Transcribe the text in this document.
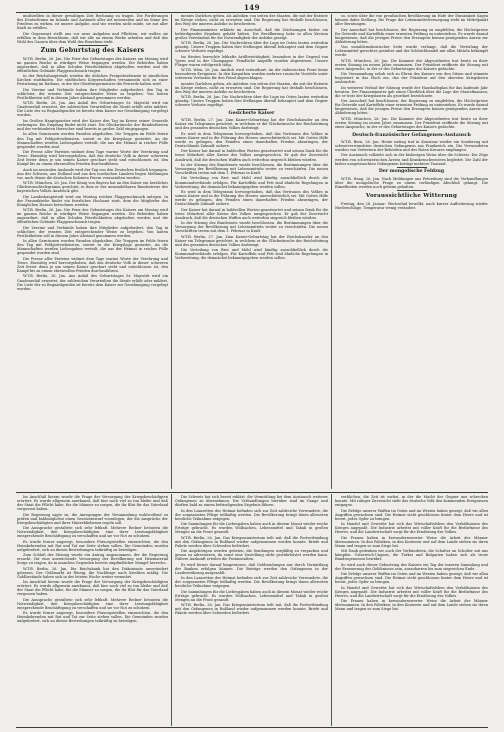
149

mußstellten in dieser gewaltigen Zeit Rechnung zu tragen. Die Forderungen des Deutschtums im Inlande und Auslande aller Art mitzuteilen und im Sinne des Friedens zu wirken, ist unsere Aufgabe, und wir werden nicht müde, sie mit aller Kraft zu erfüllen.

Die Gegenwart stellt uns vor neue Aufgaben und Pflichten; wir wollen sie erfüllen in dem Bewußtsein, daß wir alle an einem Werke arbeiten und daß das Wohl des Ganzen über dem Wohl des Einzelnen steht.

Zum Geburtstag des Kaisers

W.T.B. Berlin, 26. Jan. Die Feier des Geburtstages des Kaisers am Montag wird im ganzen Reiche in würdiger Weise begangen werden. Die Behörden haben angeordnet, daß in allen Schulen Feierlichkeiten abgehalten werden und die öffentlichen Gebäude Flaggenschmuck tragen.

In der Reichshauptstadt werden die üblichen Festgottesdienste in sämtlichen Kirchen stattfinden. Die städtischen Körperschaften versammeln sich zu einer Festsitzung im Rathaus, in der der Oberbürgermeister die Festrede halten wird.

Die Vereine und Verbände haben ihre Mitglieder aufgefordert, den Tag in schlichter, der ernsten Zeit entsprechender Weise zu begehen. Von lauten Festlichkeiten soll in diesem Jahre Abstand genommen werden.

W.T.B. Berlin, 26. Jan. Aus Anlaß des Geburtstages Sr. Majestät wird ein Gnadenerlaß erwartet, der zahlreichen Verurteilten die Strafe erläßt oder mildert. Die Liste der zu Begnadigenden ist bereits dem Kaiser zur Genehmigung vorgelegt worden.

Im Großen Hauptquartier wird der Kaiser den Tag im Kreise seiner Generale verbringen. Ein Empfang findet nicht statt. Die Glückwünsche der Bundesfürsten und der verbündeten Herrscher sind bereits in großer Zahl eingegangen.

In allen Garnisonen werden Paraden abgehalten. Die Truppen im Felde feiern den Tag mit Feldgottesdiensten, soweit es die Kriegslage gestattet. An die Mannschaften werden Liebesgaben verteilt, die aus der Heimat in reicher Fülle gespendet worden sind.

Die Presse aller Parteien widmet dem Tage warme Worte der Verehrung und Treue. Einmütig wird hervorgehoben, daß das deutsche Volk in dieser schweren Zeit fester denn je um seinen Kaiser geschart steht und entschlossen ist, den Kampf bis zu einem ehrenvollen Frieden durchzuführen.

Auch im neutralen Auslande wird der Tag von den Deutschen festlich begangen. Aus der Schweiz, aus Holland und aus den nordischen Ländern liegen Meldungen vor, nach denen die deutschen Kolonien Feiern veranstalten werden.

W.T.B. München, 26. Jan. Der König von Bayern hat an den Kaiser ein herzliches Glückwunschtelegramm gerichtet, in dem er der unwandelbaren Bundestreue des bayerischen Volkes Ausdruck gibt.

Die Landeshauptstadt wird am Montag reichen Flaggenschmuck anlegen. In der Frauenkirche findet ein feierliches Hochamt statt, dem die Mitglieder des Königlichen Hauses beiwohnen werden.

W.T.B. Berlin, 26. Jan. Die Feier des Geburtstages des Kaisers am Montag wird im ganzen Reiche in würdiger Weise begangen werden. Die Behörden haben angeordnet, daß in allen Schulen Feierlichkeiten abgehalten werden und die öffentlichen Gebäude Flaggenschmuck tragen.

Die Vereine und Verbände haben ihre Mitglieder aufgefordert, den Tag in schlichter, der ernsten Zeit entsprechender Weise zu begehen. Von lauten Festlichkeiten soll in diesem Jahre Abstand genommen werden.

In allen Garnisonen werden Paraden abgehalten. Die Truppen im Felde feiern den Tag mit Feldgottesdiensten, soweit es die Kriegslage gestattet. An die Mannschaften werden Liebesgaben verteilt, die aus der Heimat in reicher Fülle gespendet worden sind.

Die Presse aller Parteien widmet dem Tage warme Worte der Verehrung und Treue. Einmütig wird hervorgehoben, daß das deutsche Volk in dieser schweren Zeit fester denn je um seinen Kaiser geschart steht und entschlossen ist, den Kampf bis zu einem ehrenvollen Frieden durchzuführen.

W.T.B. Berlin, 26. Jan. Aus Anlaß des Geburtstages Sr. Majestät wird ein Gnadenerlaß erwartet, der zahlreichen Verurteilten die Strafe erläßt oder mildert. Die Liste der zu Begnadigenden ist bereits dem Kaiser zur Genehmigung vorgelegt worden.

mentes Darlehen geben, als Anleihen von seiten der Staaten, die mit der Entente im Kriege stehen, nicht zu erwarten sind. Die Regierung hat deshalb beschlossen, den Weg der inneren Anleihe zu beschreiten.

Der Finanzminister erklärte im Ausschuß, daß die Zeichnungen bisher ein befriedigendes Ergebnis gehabt hätten. Die Bevölkerung habe in allen Kreisen großes Verständnis für die Notwendigkeit der Anleihe gezeigt.

W.T.B. Berlin, 26. Jan. Die Nachrichten über die Lage im Osten lauten weiterhin günstig. Unsere Truppen haben ihre Stellungen überall behauptet und dem Gegner schwere Verluste zugefügt.

Im Westen herrschte lebhafte Artillerietätigkeit, besonders in der Gegend von Ypern und in der Champagne. Feindliche Angriffe wurden abgewiesen. Unsere Flieger waren erfolgreich tätig.

W.T.B. Wien, 26. Jan. Amtlich wird verlautbart: An der italienischen Front keine besonderen Ereignisse. In den Karpathen wurden mehrere russische Vorstöße unter schweren Verlusten für den Feind abgeschlagen.

mentes Darlehen geben, als Anleihen von seiten der Staaten, die mit der Entente im Kriege stehen, nicht zu erwarten sind. Die Regierung hat deshalb beschlossen, den Weg der inneren Anleihe zu beschreiten.

W.T.B. Berlin, 26. Jan. Die Nachrichten über die Lage im Osten lauten weiterhin günstig. Unsere Truppen haben ihre Stellungen überall behauptet und dem Gegner schwere Verluste zugefügt.

Gesicherte Kaiser

W.T.B. Berlin, 27. Jan. Zum Kaiser-Geburtstag hat der Reichskanzler an den Kaiser ein Telegramm gerichtet, in welchem er die Glückwünsche der Reichsleitung und des gesamten deutschen Volkes darbringt.

Es wird in dem Telegramm hervorgehoben, daß das Vertrauen des Volkes in seinen Kaiser und in die Führung des Heeres unerschütterlich sei. Mit Gottes Hilfe werde es gelingen, den Feinden einen dauerhaften Frieden abzuringen, der Deutschlands Zukunft sichere.

Der Kaiser hat darauf in huldvollen Worten geantwortet und seinen Dank für die treue Mitarbeit aller Kreise des Volkes ausgesprochen. Er gab der Zuversicht Ausdruck, daß die deutschen Waffen auch weiterhin siegreich bleiben würden.

In der Sitzung des Bundesrats wurde beschlossen, die Bestimmungen über die Versorgung der Bevölkerung mit Lebensmitteln weiter zu verschärfen. Die neuen Vorschriften treten mit dem 1. Februar in Kraft.

Die Verteilung von Brot und Mehl wird künftig ausschließlich durch die Kommunalverbände erfolgen. Für Kartoffeln und Fett sind ähnliche Regelungen in Vorbereitung, die demnächst bekanntgegeben werden sollen.

Es wird in dem Telegramm hervorgehoben, daß das Vertrauen des Volkes in seinen Kaiser und in die Führung des Heeres unerschütterlich sei. Mit Gottes Hilfe werde es gelingen, den Feinden einen dauerhaften Frieden abzuringen, der Deutschlands Zukunft sichere.

Der Kaiser hat darauf in huldvollen Worten geantwortet und seinen Dank für die treue Mitarbeit aller Kreise des Volkes ausgesprochen. Er gab der Zuversicht Ausdruck, daß die deutschen Waffen auch weiterhin siegreich bleiben würden.

In der Sitzung des Bundesrats wurde beschlossen, die Bestimmungen über die Versorgung der Bevölkerung mit Lebensmitteln weiter zu verschärfen. Die neuen Vorschriften treten mit dem 1. Februar in Kraft.

W.T.B. Berlin, 27. Jan. Zum Kaiser-Geburtstag hat der Reichskanzler an den Kaiser ein Telegramm gerichtet, in welchem er die Glückwünsche der Reichsleitung und des gesamten deutschen Volkes darbringt.

Die Verteilung von Brot und Mehl wird künftig ausschließlich durch die Kommunalverbände erfolgen. Für Kartoffeln und Fett sind ähnliche Regelungen in Vorbereitung, die demnächst bekanntgegeben werden sollen.

so, sowie über die von preußischen Bevölkerung im Hofe der Einsamkeit Sagen können dabei Stellung. Die Frage der Lebensmittelversorgung steht im Mittelpunkt aller Beratungen.

Der Ausschuß hat beschlossen, der Regierung zu empfehlen, die Höchstpreise für Getreide und Kartoffeln einer erneuten Prüfung zu unterziehen. Es wurde darauf hingewiesen, daß die jetzigen Preise den Erzeugern keinen genügenden Anreiz zur Ablieferung böten.

Von sozialdemokratischer Seite wurde verlangt, daß die Verteilung der Lebensmittel gerechter gestaltet und der Schleichhandel mit allen Mitteln bekämpft werde.

W.T.B. München, 26. Jan. Die Kammer der Abgeordneten trat heute zu ihrer ersten Sitzung im neuen Jahre zusammen. Der Präsident eröffnete die Sitzung mit einer Ansprache, in der er des Geburtstages des Kaisers gedachte.

Die Versammlung erhob sich zu Ehren des Kaisers von den Sitzen und stimmte begeistert in das Hoch ein, das der Präsident auf den obersten Kriegsherrn ausbrachte.

Im weiteren Verlauf der Sitzung wurde der Haushaltsplan für das laufende Jahr beraten. Der Finanzminister gab einen Überblick über die Lage der Staatsfinanzen, die er trotz der Kriegslasten als geordnet bezeichnete.

Der Ausschuß hat beschlossen, der Regierung zu empfehlen, die Höchstpreise für Getreide und Kartoffeln einer erneuten Prüfung zu unterziehen. Es wurde darauf hingewiesen, daß die jetzigen Preise den Erzeugern keinen genügenden Anreiz zur Ablieferung böten.

W.T.B. München, 26. Jan. Die Kammer der Abgeordneten trat heute zu ihrer ersten Sitzung im neuen Jahre zusammen. Der Präsident eröffnete die Sitzung mit einer Ansprache, in der er des Geburtstages des Kaisers gedachte.

Deutsch-französischer Gefangenen-Austausch

W.T.B. Bern, 26. Jan. Heute mittag traf in Konstanz wieder ein Sonderzug mit schwerverwundeten deutschen Gefangenen aus Frankreich ein. Die Verwundeten wurden von Vertretern der Behörden und des Roten Kreuzes empfangen.

Der Austausch vollzieht sich in der bisherigen Weise über die Schweiz. Die Züge werden von schweizerischen Ärzten und Krankenschwestern begleitet. Die Zahl der bisher ausgetauschten Gefangenen beträgt mehrere Tausend.

Der mongolische Feldzug

W.T.B. Haag, 26. Jan. Nach Meldungen aus Petersburg sind die Verhandlungen über die mongolische Frage zu einem vorläufigen Abschluß gelangt. Die Einzelheiten werden noch geheim gehalten.

Voraussichtliche Witterung

Freitag, den 28. Januar: Wechselnd bewölkt, nach kurzer Aufheiterung wieder Niederschläge, Temperatur wenig verändert.

Im Anschluß hieran wurde die Frage der Versorgung der Kriegsbeschädigten erörtert. Es wurde allgemein anerkannt, daß hier noch viel zu tun bleibe und daß der Staat die Pflicht habe, für die Männer zu sorgen, die ihr Blut für das Vaterland vergossen haben.

Die Regierung sagte zu, die Anregungen der Versammlung wohlwollend zu prüfen und baldmöglichst einen Gesetzentwurf vorzulegen, der die Ansprüche der Kriegsbeschädigten und ihrer Hinterbliebenen regeln soll.

Die Aussprache gestaltete sich sehr lebhaft. Mehrere Redner betonten die Notwendigkeit, den Kriegsbeschädigten eine ihrer Leistungsfähigkeit entsprechende Beschäftigung zu verschaffen und sie vor Not zu schützen.

Es wurde ferner angeregt, besondere Fürsorgestellen einzurichten, die den Heimkehrenden mit Rat und Tat zur Seite stehen sollen. Die Gemeinden wurden aufgefordert, sich an diesen Bestrebungen tatkräftig zu beteiligen.

Zum Schluß der Sitzung wurde ein Antrag angenommen, der die Regierung ersucht, für eine ausreichende Versorgung der Bevölkerung mit Heizmaterial Sorge zu tragen, da in manchen Gegenden bereits empfindlicher Mangel herrsche.

W.T.B. Berlin, 26. Jan. Die Reichsbank hat den Diskontsatz unverändert gelassen. Der Geldmarkt ist flüssig, die Nachfrage nach Krediten mäßig. Die Goldbestände haben sich in der letzten Woche weiter vermehrt.

Im Anschluß hieran wurde die Frage der Versorgung der Kriegsbeschädigten erörtert. Es wurde allgemein anerkannt, daß hier noch viel zu tun bleibe und daß der Staat die Pflicht habe, für die Männer zu sorgen, die ihr Blut für das Vaterland vergossen haben.

Die Aussprache gestaltete sich sehr lebhaft. Mehrere Redner betonten die Notwendigkeit, den Kriegsbeschädigten eine ihrer Leistungsfähigkeit entsprechende Beschäftigung zu verschaffen und sie vor Not zu schützen.

Es wurde ferner angeregt, besondere Fürsorgestellen einzurichten, die den Heimkehrenden mit Rat und Tat zur Seite stehen sollen. Die Gemeinden wurden aufgefordert, sich an diesen Bestrebungen tatkräftig zu beteiligen.

Die Schweiz hat sich bereit erklärt, die Vermittlung bei dem Austausch weiterer Gefangenen zu übernehmen. Die Verhandlungen hierüber sind im Gange und dürften bald zu einem befriedigenden Ergebnis führen.

In den Lazaretten der Heimat befinden sich zur Zeit zahlreiche Verwundete, die der sorgsamsten Pflege teilhaftig werden. Die Bevölkerung bringt ihnen allerorten herzliche Teilnahme entgegen.

Die Sammlungen für die Liebesgaben haben auch in diesem Monat wieder reiche Erträge gebracht. Es wurden Wollsachen, Lebensmittel und Tabak in großen Mengen an die Front gesandt.

W.T.B. Berlin, 26. Jan. Das Kriegsministerium teilt mit, daß die Postverbindung mit den Gefangenen in Rußland wieder aufgenommen werden konnte. Briefe und Pakete werden über Schweden befördert.

Die Angehörigen werden gebeten, die Sendungen sorgfältig zu verpacken und genau zu adressieren, da sonst eine Zustellung nicht gewährleistet werden kann. Nähere Auskunft erteilen die Postanstalten.

Es wird ferner darauf hingewiesen, daß Geldsendungen nur durch Vermittlung der Banken erfolgen können. Die Beträge werden den Gefangenen in der Landeswährung ausgezahlt.

In den Lazaretten der Heimat befinden sich zur Zeit zahlreiche Verwundete, die der sorgsamsten Pflege teilhaftig werden. Die Bevölkerung bringt ihnen allerorten herzliche Teilnahme entgegen.

Die Sammlungen für die Liebesgaben haben auch in diesem Monat wieder reiche Erträge gebracht. Es wurden Wollsachen, Lebensmittel und Tabak in großen Mengen an die Front gesandt.

W.T.B. Berlin, 26. Jan. Das Kriegsministerium teilt mit, daß die Postverbindung mit den Gefangenen in Rußland wieder aufgenommen werden konnte. Briefe und Pakete werden über Schweden befördert.

verblichen, die Zeit ist vorbei, in der die Macht der Gegner uns schrecken konnte. Mit ruhiger Zuversicht sieht das deutsche Volk den kommenden Ereignissen entgegen.

Die Erfolge unserer Waffen im Osten und im Westen haben gezeigt, daß wir allen Angriffen gewachsen sind. Die Heimat steht geschlossen hinter dem Heere und ist bereit, jedes Opfer zu bringen.

In Handel und Gewerbe hat sich das Wirtschaftsleben den Verhältnissen des Krieges angepaßt. Die Industrie arbeitet mit voller Kraft für die Bedürfnisse des Heeres, und die Landwirtschaft sorgt für die Ernährung des Volkes.

Die Frauen haben in bewundernswerter Weise die Arbeit der Männer übernommen. In den Fabriken, in den Kontoren und auf dem Lande stehen sie ihren Mann und tragen so zum Siege bei.

Mit Dank gedenken wir auch der Verbündeten, die Schulter an Schulter mit uns kämpfen. Österreich-Ungarn, die Türkei und Bulgarien haben sich als treue Bundesgenossen bewährt.

So wird auch dieser Geburtstag des Kaisers ein Tag der inneren Sammlung und der Erneuerung des Gelöbnisses sein, auszuharren bis zum siegreichen Ende.

Die Erfolge unserer Waffen im Osten und im Westen haben gezeigt, daß wir allen Angriffen gewachsen sind. Die Heimat steht geschlossen hinter dem Heere und ist bereit, jedes Opfer zu bringen.

In Handel und Gewerbe hat sich das Wirtschaftsleben den Verhältnissen des Krieges angepaßt. Die Industrie arbeitet mit voller Kraft für die Bedürfnisse des Heeres, und die Landwirtschaft sorgt für die Ernährung des Volkes.

Die Frauen haben in bewundernswerter Weise die Arbeit der Männer übernommen. In den Fabriken, in den Kontoren und auf dem Lande stehen sie ihren Mann und tragen so zum Siege bei.
